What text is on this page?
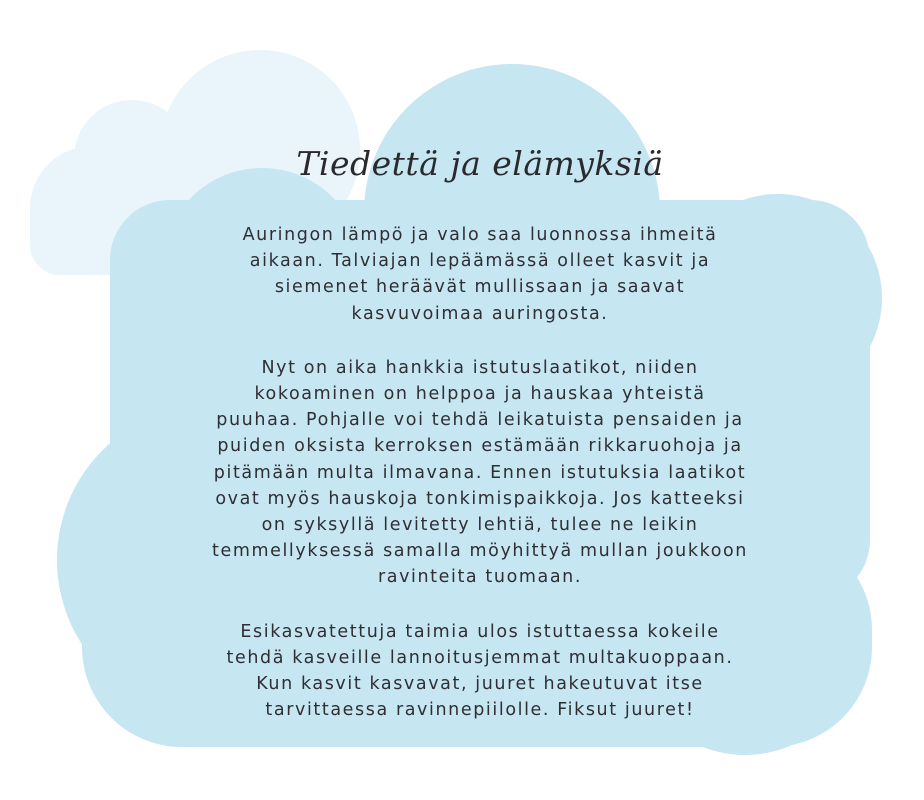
Tiedettä ja elämyksiä

Auringon lämpö ja valo saa luonnossa ihmeitä
aikaan. Talviajan lepäämässä olleet kasvit ja
siemenet heräävät mullissaan ja saavat
kasvuvoimaa auringosta.

Nyt on aika hankkia istutuslaatikot, niiden
kokoaminen on helppoa ja hauskaa yhteistä
puuhaa. Pohjalle voi tehdä leikatuista pensaiden ja
puiden oksista kerroksen estämään rikkaruohoja ja
pitämään multa ilmavana. Ennen istutuksia laatikot
ovat myös hauskoja tonkimispaikkoja. Jos katteeksi
on syksyllä levitetty lehtiä, tulee ne leikin
temmellyksessä samalla möyhittyä mullan joukkoon
ravinteita tuomaan.

Esikasvatettuja taimia ulos istuttaessa kokeile
tehdä kasveille lannoitusjemmat multakuoppaan.
Kun kasvit kasvavat, juuret hakeutuvat itse
tarvittaessa ravinnepiilolle. Fiksut juuret!
